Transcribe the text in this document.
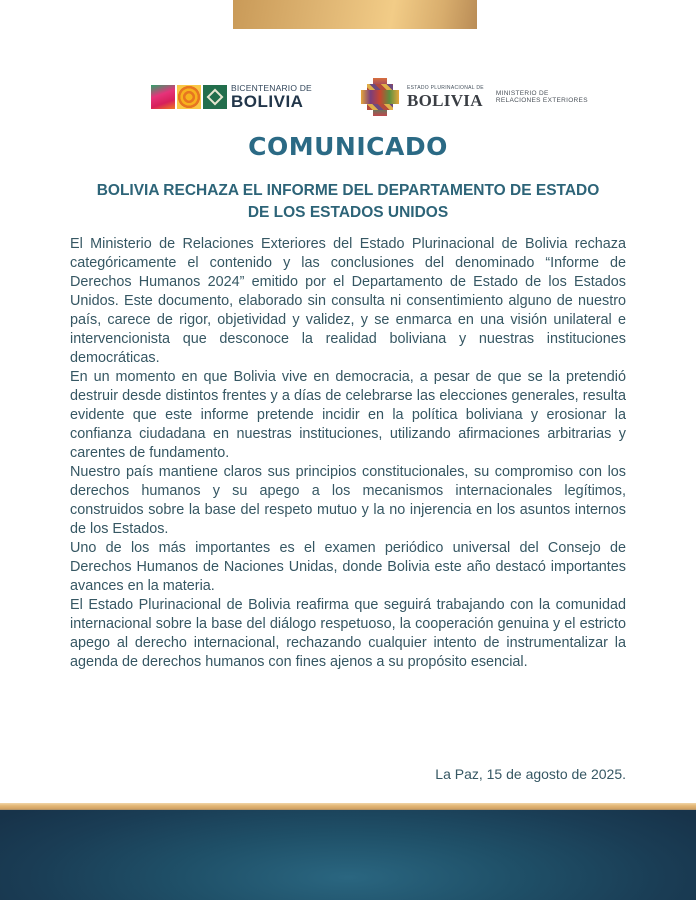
BICENTENARIO DE
BOLIVIA
ESTADO PLURINACIONAL DE
BOLIVIA MINISTERIO DE
RELACIONES EXTERIORES
COMUNICADO
BOLIVIA RECHAZA EL INFORME DEL DEPARTAMENTO DE ESTADO
DE LOS ESTADOS UNIDOS

El Ministerio de Relaciones Exteriores del Estado Plurinacional de Bolivia rechaza categóricamente el contenido y las conclusiones del denominado “Informe de Derechos Humanos 2024” emitido por el Departamento de Estado de los Estados Unidos. Este documento, elaborado sin consulta ni consentimiento alguno de nuestro país, carece de rigor, objetividad y validez, y se enmarca en una visión unilateral e intervencionista que desconoce la realidad boliviana y nuestras instituciones democráticas.

En un momento en que Bolivia vive en democracia, a pesar de que se la pretendió destruir desde distintos frentes y a días de celebrarse las elecciones generales, resulta evidente que este informe pretende incidir en la política boliviana y erosionar la confianza ciudadana en nuestras instituciones, utilizando afirmaciones arbitrarias y carentes de fundamento.

Nuestro país mantiene claros sus principios constitucionales, su compromiso con los derechos humanos y su apego a los mecanismos internacionales legítimos, construidos sobre la base del respeto mutuo y la no injerencia en los asuntos internos de los Estados.

Uno de los más importantes es el examen periódico universal del Consejo de Derechos Humanos de Naciones Unidas, donde Bolivia este año destacó importantes avances en la materia.

El Estado Plurinacional de Bolivia reafirma que seguirá trabajando con la comunidad internacional sobre la base del diálogo respetuoso, la cooperación genuina y el estricto apego al derecho internacional, rechazando cualquier intento de instrumentalizar la agenda de derechos humanos con fines ajenos a su propósito esencial.

La Paz, 15 de agosto de 2025.
